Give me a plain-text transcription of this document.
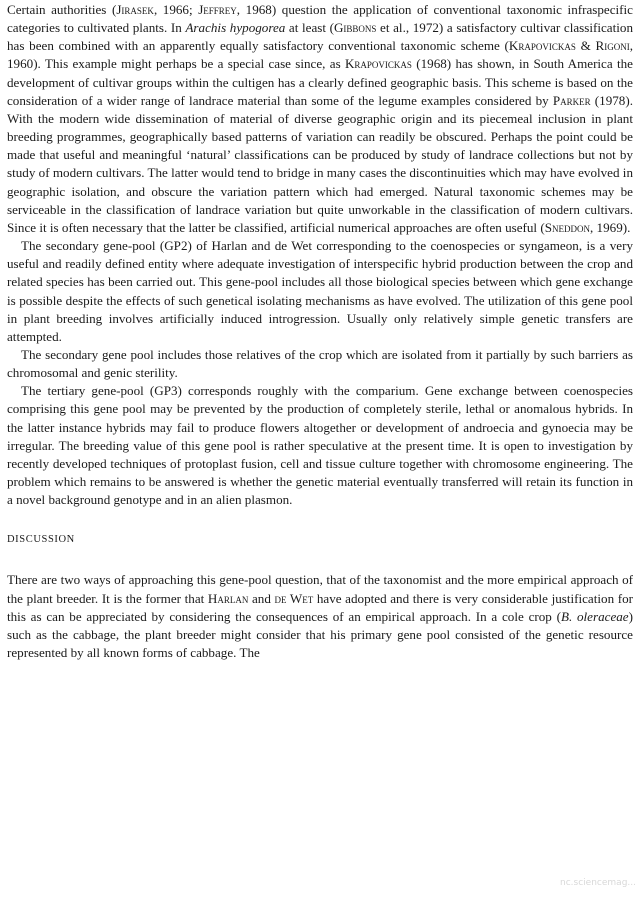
Certain authorities (Jirasek, 1966; Jeffrey, 1968) question the application of conventional taxonomic infraspecific categories to cultivated plants. In Arachis hypogorea at least (Gibbons et al., 1972) a satisfactory cultivar classification has been combined with an apparently equally satisfactory conventional taxonomic scheme (Krapovickas & Rigoni, 1960). This example might perhaps be a special case since, as Krapovickas (1968) has shown, in South America the development of cultivar groups within the cultigen has a clearly defined geographic basis. This scheme is based on the consideration of a wider range of landrace material than some of the legume examples considered by Parker (1978). With the modern wide dissemination of material of diverse geographic origin and its piecemeal inclusion in plant breeding programmes, geographically based patterns of variation can readily be obscured. Perhaps the point could be made that useful and meaningful ‘natural’ classifications can be produced by study of landrace collections but not by study of modern cultivars. The latter would tend to bridge in many cases the discontinuities which may have evolved in geographic isolation, and obscure the variation pattern which had emerged. Natural taxonomic schemes may be serviceable in the classification of landrace variation but quite unworkable in the classification of modern cultivars. Since it is often necessary that the latter be classified, artificial numerical approaches are often useful (Sneddon, 1969).

The secondary gene-pool (GP2) of Harlan and de Wet corresponding to the coenospecies or syngameon, is a very useful and readily defined entity where adequate investigation of interspecific hybrid production between the crop and related species has been carried out. This gene-pool includes all those biological species between which gene exchange is possible despite the effects of such genetical isolating mechanisms as have evolved. The utilization of this gene pool in plant breeding involves artificially induced introgression. Usually only relatively simple genetic transfers are attempted.

The secondary gene pool includes those relatives of the crop which are isolated from it partially by such barriers as chromosomal and genic sterility.

The tertiary gene-pool (GP3) corresponds roughly with the comparium. Gene exchange between coenospecies comprising this gene pool may be prevented by the production of completely sterile, lethal or anomalous hybrids. In the latter instance hybrids may fail to produce flowers altogether or development of androecia and gynoecia may be irregular. The breeding value of this gene pool is rather speculative at the present time. It is open to investigation by recently developed techniques of protoplast fusion, cell and tissue culture together with chromosome engineering. The problem which remains to be answered is whether the genetic material eventually transferred will retain its function in a novel background genotype and in an alien plasmon.

DISCUSSION

There are two ways of approaching this gene-pool question, that of the taxonomist and the more empirical approach of the plant breeder. It is the former that Harlan and de Wet have adopted and there is very considerable justification for this as can be appreciated by considering the consequences of an empirical approach. In a cole crop (B. oleraceae) such as the cabbage, the plant breeder might consider that his primary gene pool consisted of the genetic resource represented by all known forms of cabbage. The

nc.sciencemag...
